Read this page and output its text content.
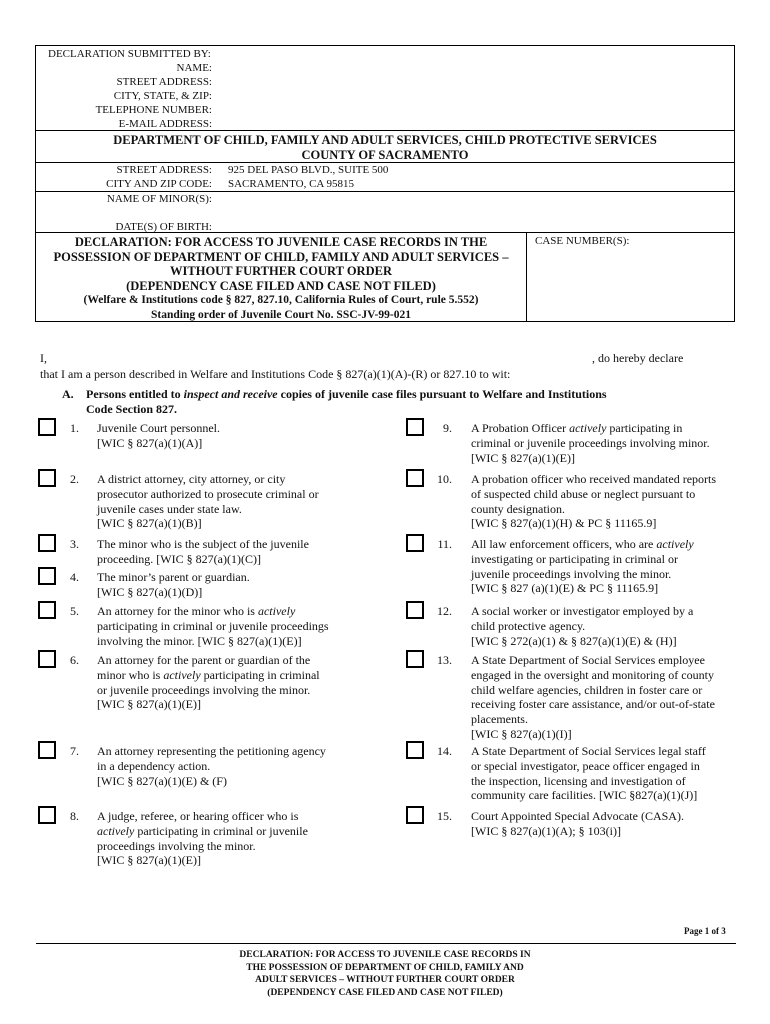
DECLARATION SUBMITTED BY:
NAME:
STREET ADDRESS:
CITY, STATE, & ZIP:
TELEPHONE NUMBER:
E-MAIL ADDRESS:
DEPARTMENT OF CHILD, FAMILY AND ADULT SERVICES, CHILD PROTECTIVE SERVICES
COUNTY OF SACRAMENTO
STREET ADDRESS: 925 DEL PASO BLVD., SUITE 500
CITY AND ZIP CODE: SACRAMENTO, CA 95815
NAME OF MINOR(S):
DATE(S) OF BIRTH:
DECLARATION: FOR ACCESS TO JUVENILE CASE RECORDS IN THE
POSSESSION OF DEPARTMENT OF CHILD, FAMILY AND ADULT SERVICES –
WITHOUT FURTHER COURT ORDER
(DEPENDENCY CASE FILED AND CASE NOT FILED)
(Welfare & Institutions code § 827, 827.10, California Rules of Court, rule 5.552)
Standing order of Juvenile Court No. SSC-JV-99-021
CASE NUMBER(S):
I,	, do hereby declare
that I am a person described in Welfare and Institutions Code § 827(a)(1)(A)-(R) or 827.10 to wit:
A. Persons entitled to inspect and receive copies of juvenile case files pursuant to Welfare and Institutions
Code Section 827.
1. Juvenile Court personnel.
[WIC § 827(a)(1)(A)]
2. A district attorney, city attorney, or city
prosecutor authorized to prosecute criminal or
juvenile cases under state law.
[WIC § 827(a)(1)(B)]
3. The minor who is the subject of the juvenile
proceeding. [WIC § 827(a)(1)(C)]
4. The minor’s parent or guardian.
[WIC § 827(a)(1)(D)]
5. An attorney for the minor who is actively
participating in criminal or juvenile proceedings
involving the minor. [WIC § 827(a)(1)(E)]
6. An attorney for the parent or guardian of the
minor who is actively participating in criminal
or juvenile proceedings involving the minor.
[WIC § 827(a)(1)(E)]
7. An attorney representing the petitioning agency
in a dependency action.
[WIC § 827(a)(1)(E) & (F)
8. A judge, referee, or hearing officer who is
actively participating in criminal or juvenile
proceedings involving the minor.
[WIC § 827(a)(1)(E)]
9. A Probation Officer actively participating in
criminal or juvenile proceedings involving minor.
[WIC § 827(a)(1)(E)]
10. A probation officer who received mandated reports
of suspected child abuse or neglect pursuant to
county designation.
[WIC § 827(a)(1)(H) & PC § 11165.9]
11. All law enforcement officers, who are actively
investigating or participating in criminal or
juvenile proceedings involving the minor.
[WIC § 827 (a)(1)(E) & PC § 11165.9]
12. A social worker or investigator employed by a
child protective agency.
[WIC § 272(a)(1) & § 827(a)(1)(E) & (H)]
13. A State Department of Social Services employee
engaged in the oversight and monitoring of county
child welfare agencies, children in foster care or
receiving foster care assistance, and/or out-of-state
placements.
[WIC § 827(a)(1)(I)]
14. A State Department of Social Services legal staff
or special investigator, peace officer engaged in
the inspection, licensing and investigation of
community care facilities. [WIC §827(a)(1)(J)]
15. Court Appointed Special Advocate (CASA).
[WIC § 827(a)(1)(A); § 103(i)]
Page 1 of 3
DECLARATION: FOR ACCESS TO JUVENILE CASE RECORDS IN
THE POSSESSION OF DEPARTMENT OF CHILD, FAMILY AND
ADULT SERVICES – WITHOUT FURTHER COURT ORDER
(DEPENDENCY CASE FILED AND CASE NOT FILED)
